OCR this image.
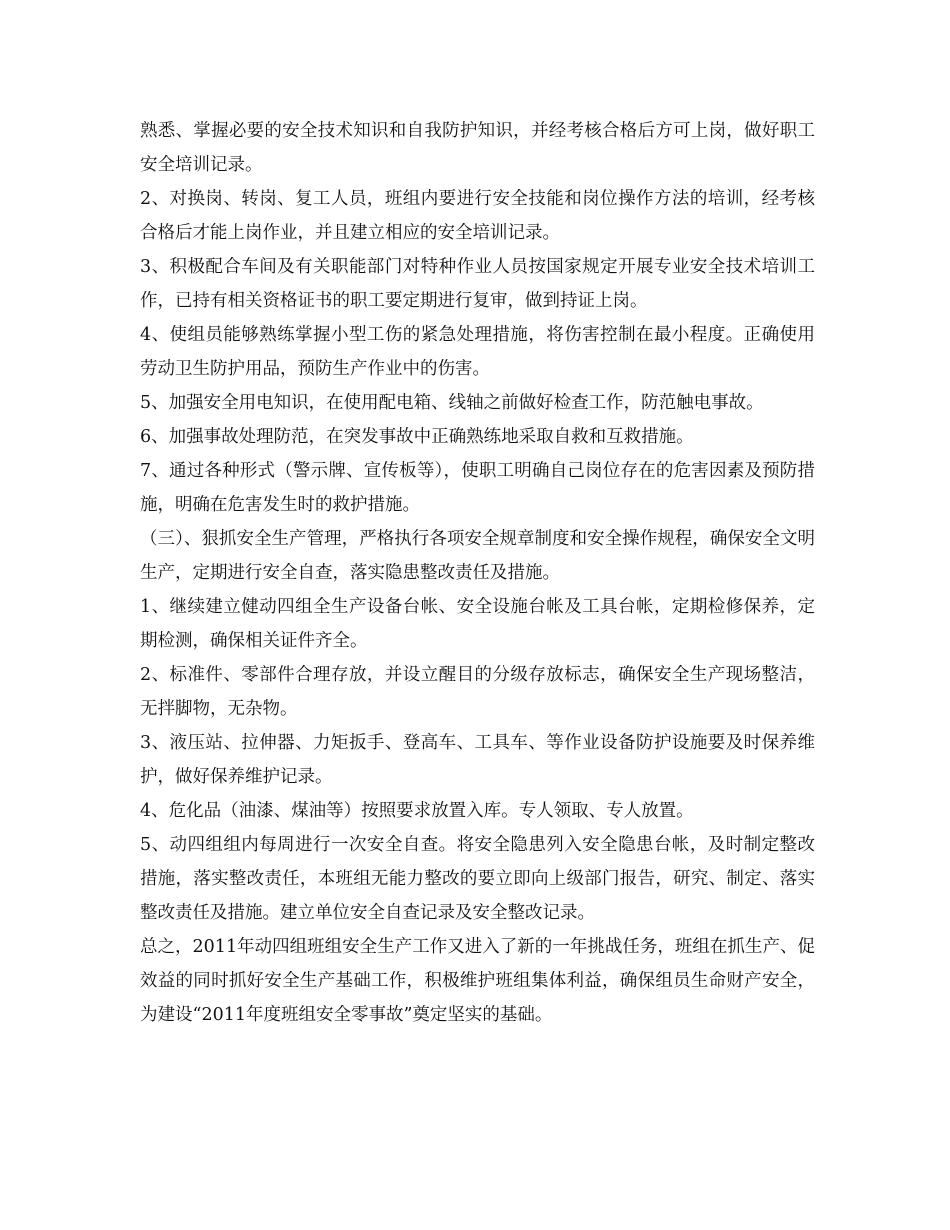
熟悉、掌握必要的安全技术知识和自我防护知识，并经考核合格后方可上岗，做好职工安全培训记录。

2、对换岗、转岗、复工人员，班组内要进行安全技能和岗位操作方法的培训，经考核合格后才能上岗作业，并且建立相应的安全培训记录。

3、积极配合车间及有关职能部门对特种作业人员按国家规定开展专业安全技术培训工作，已持有相关资格证书的职工要定期进行复审，做到持证上岗。

4、使组员能够熟练掌握小型工伤的紧急处理措施，将伤害控制在最小程度。正确使用劳动卫生防护用品，预防生产作业中的伤害。

5、加强安全用电知识，在使用配电箱、线轴之前做好检查工作，防范触电事故。

6、加强事故处理防范，在突发事故中正确熟练地采取自救和互救措施。

7、通过各种形式（警示牌、宣传板等），使职工明确自己岗位存在的危害因素及预防措施，明确在危害发生时的救护措施。

（三）、狠抓安全生产管理，严格执行各项安全规章制度和安全操作规程，确保安全文明生产，定期进行安全自查，落实隐患整改责任及措施。

1、继续建立健动四组全生产设备台帐、安全设施台帐及工具台帐，定期检修保养，定期检测，确保相关证件齐全。

2、标准件、零部件合理存放，并设立醒目的分级存放标志，确保安全生产现场整洁，无拌脚物，无杂物。

3、液压站、拉伸器、力矩扳手、登高车、工具车、等作业设备防护设施要及时保养维护，做好保养维护记录。

4、危化品（油漆、煤油等）按照要求放置入库。专人领取、专人放置。

5、动四组组内每周进行一次安全自查。将安全隐患列入安全隐患台帐，及时制定整改措施，落实整改责任，本班组无能力整改的要立即向上级部门报告，研究、制定、落实整改责任及措施。建立单位安全自查记录及安全整改记录。

总之，2011年动四组班组安全生产工作又进入了新的一年挑战任务，班组在抓生产、促效益的同时抓好安全生产基础工作，积极维护班组集体利益，确保组员生命财产安全，为建设“2011年度班组安全零事故”奠定坚实的基础。
